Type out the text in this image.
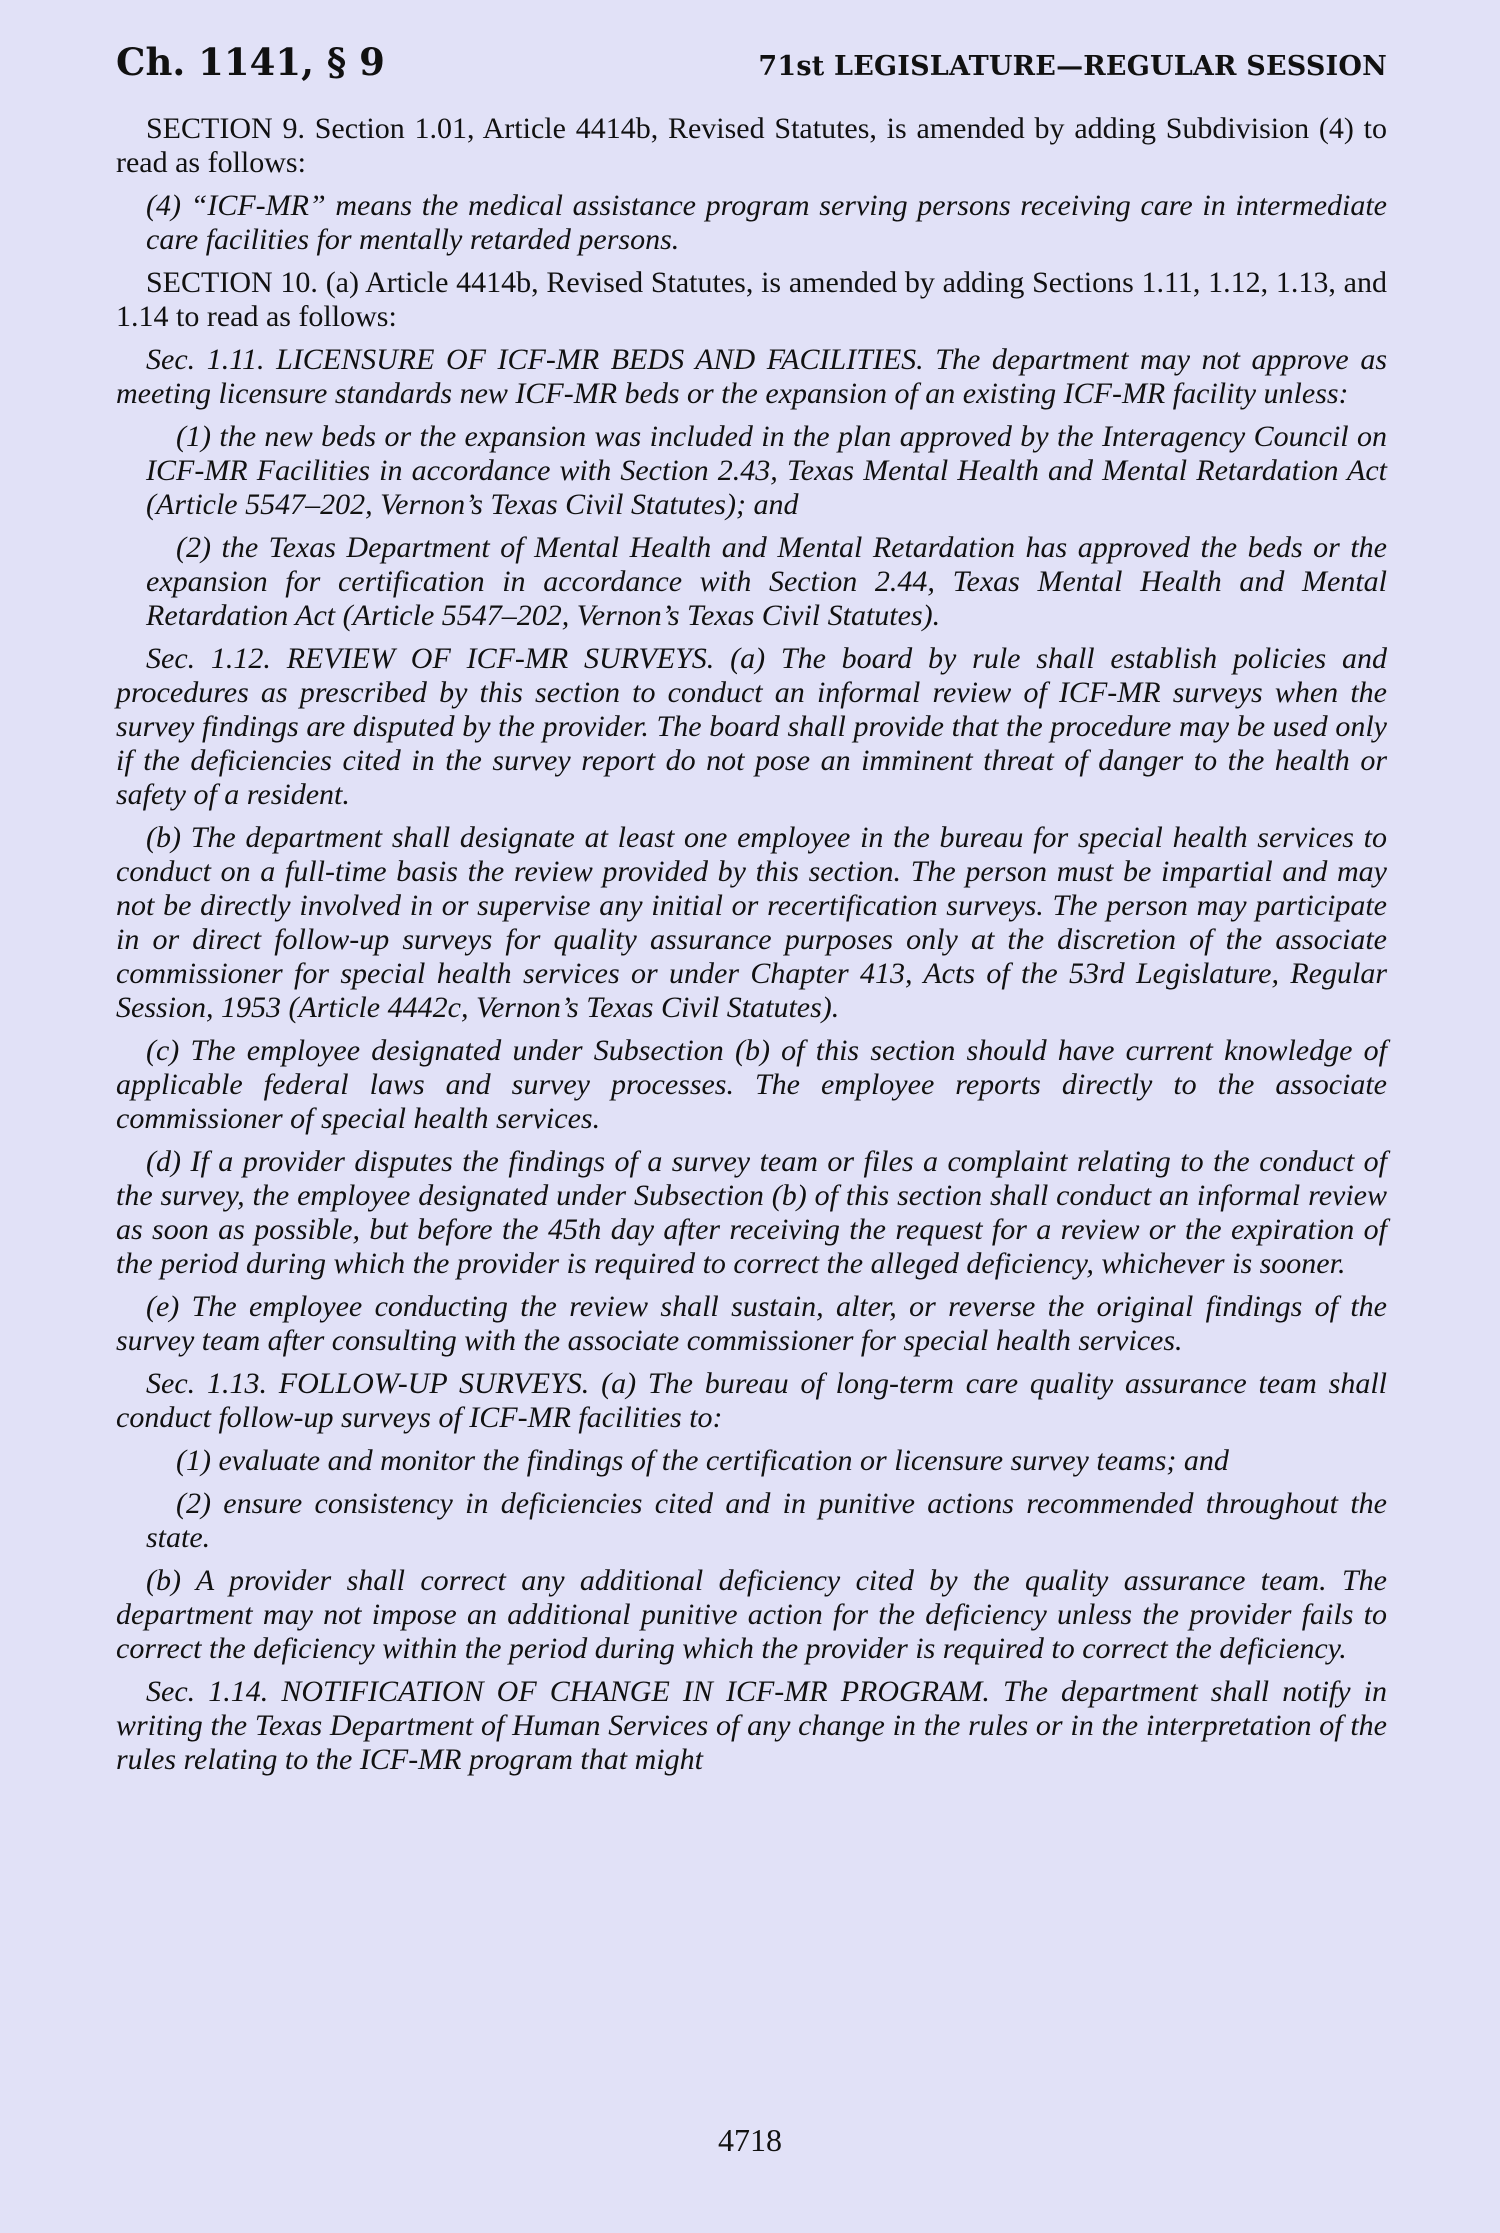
Ch. 1141, § 9	71st LEGISLATURE—REGULAR SESSION

SECTION 9. Section 1.01, Article 4414b, Revised Statutes, is amended by adding Subdivision (4) to read as follows:

(4) “ICF-MR” means the medical assistance program serving persons receiving care in intermediate care facilities for mentally retarded persons.

SECTION 10. (a) Article 4414b, Revised Statutes, is amended by adding Sections 1.11, 1.12, 1.13, and 1.14 to read as follows:

Sec. 1.11. LICENSURE OF ICF-MR BEDS AND FACILITIES. The department may not approve as meeting licensure standards new ICF-MR beds or the expansion of an existing ICF-MR facility unless:

(1) the new beds or the expansion was included in the plan approved by the Interagency Council on ICF-MR Facilities in accordance with Section 2.43, Texas Mental Health and Mental Retardation Act (Article 5547–202, Vernon’s Texas Civil Statutes); and

(2) the Texas Department of Mental Health and Mental Retardation has approved the beds or the expansion for certification in accordance with Section 2.44, Texas Mental Health and Mental Retardation Act (Article 5547–202, Vernon’s Texas Civil Statutes).

Sec. 1.12. REVIEW OF ICF-MR SURVEYS. (a) The board by rule shall establish policies and procedures as prescribed by this section to conduct an informal review of ICF-MR surveys when the survey findings are disputed by the provider. The board shall provide that the procedure may be used only if the deficiencies cited in the survey report do not pose an imminent threat of danger to the health or safety of a resident.

(b) The department shall designate at least one employee in the bureau for special health services to conduct on a full-time basis the review provided by this section. The person must be impartial and may not be directly involved in or supervise any initial or recertification surveys. The person may participate in or direct follow-up surveys for quality assurance purposes only at the discretion of the associate commissioner for special health services or under Chapter 413, Acts of the 53rd Legislature, Regular Session, 1953 (Article 4442c, Vernon’s Texas Civil Statutes).

(c) The employee designated under Subsection (b) of this section should have current knowledge of applicable federal laws and survey processes. The employee reports directly to the associate commissioner of special health services.

(d) If a provider disputes the findings of a survey team or files a complaint relating to the conduct of the survey, the employee designated under Subsection (b) of this section shall conduct an informal review as soon as possible, but before the 45th day after receiving the request for a review or the expiration of the period during which the provider is required to correct the alleged deficiency, whichever is sooner.

(e) The employee conducting the review shall sustain, alter, or reverse the original findings of the survey team after consulting with the associate commissioner for special health services.

Sec. 1.13. FOLLOW-UP SURVEYS. (a) The bureau of long-term care quality assurance team shall conduct follow-up surveys of ICF-MR facilities to:

(1) evaluate and monitor the findings of the certification or licensure survey teams; and

(2) ensure consistency in deficiencies cited and in punitive actions recommended throughout the state.

(b) A provider shall correct any additional deficiency cited by the quality assurance team. The department may not impose an additional punitive action for the deficiency unless the provider fails to correct the deficiency within the period during which the provider is required to correct the deficiency.

Sec. 1.14. NOTIFICATION OF CHANGE IN ICF-MR PROGRAM. The department shall notify in writing the Texas Department of Human Services of any change in the rules or in the interpretation of the rules relating to the ICF-MR program that might

4718
